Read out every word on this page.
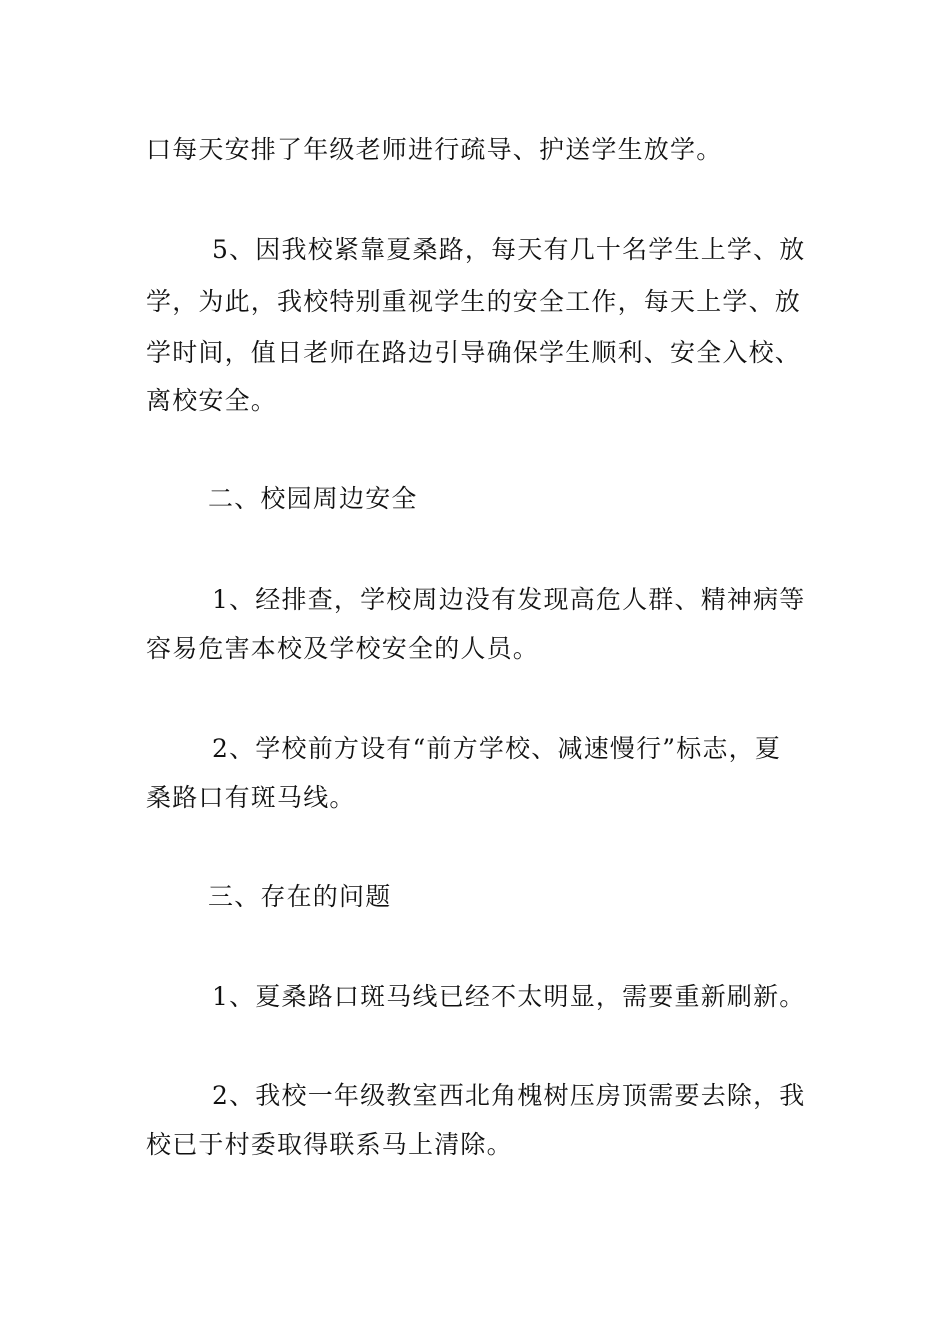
口每天安排了年级老师进行疏导、护送学生放学。
5、因我校紧靠夏桑路，每天有几十名学生上学、放
学，为此，我校特别重视学生的安全工作，每天上学、放
学时间，值日老师在路边引导确保学生顺利、安全入校、
离校安全。
二、校园周边安全
1、经排查，学校周边没有发现高危人群、精神病等
容易危害本校及学校安全的人员。
2、学校前方设有“前方学校、减速慢行”标志，夏
桑路口有斑马线。
三、存在的问题
1、夏桑路口斑马线已经不太明显，需要重新刷新。
2、我校一年级教室西北角槐树压房顶需要去除，我
校已于村委取得联系马上清除。
